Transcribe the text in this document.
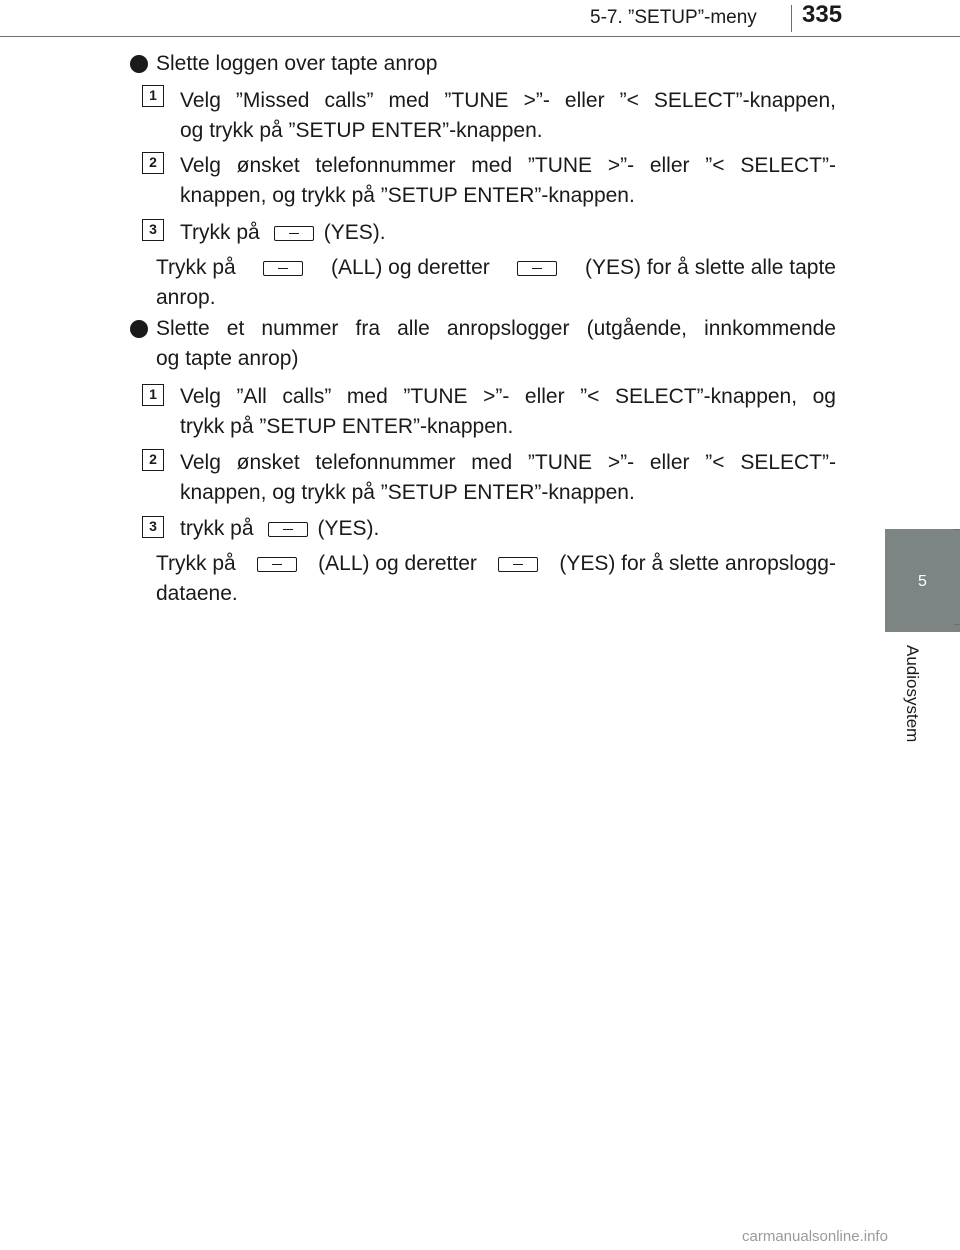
5-7. ”SETUP”-meny 335
5
Audiosystem
Slette loggen over tapte anrop
1	Velg ”Missed calls” med ”TUNE >”- eller ”< SELECT”-knappen,
og trykk på ”SETUP ENTER”-knappen.
2	Velg ønsket telefonnummer med ”TUNE >”- eller ”< SELECT”-
knappen, og trykk på ”SETUP ENTER”-knappen.
3	Trykk på	(YES).
Trykk på	(ALL) og deretter	(YES) for å slette alle tapte
anrop.
Slette et nummer fra alle anropslogger (utgående, innkommende
og tapte anrop)
1	Velg ”All calls” med ”TUNE >”- eller ”< SELECT”-knappen, og
trykk på ”SETUP ENTER”-knappen.
2	Velg ønsket telefonnummer med ”TUNE >”- eller ”< SELECT”-
knappen, og trykk på ”SETUP ENTER”-knappen.
3	trykk på	(YES).
Trykk på	(ALL) og deretter	(YES) for å slette anropslogg-
dataene.
carmanualsonline.info
